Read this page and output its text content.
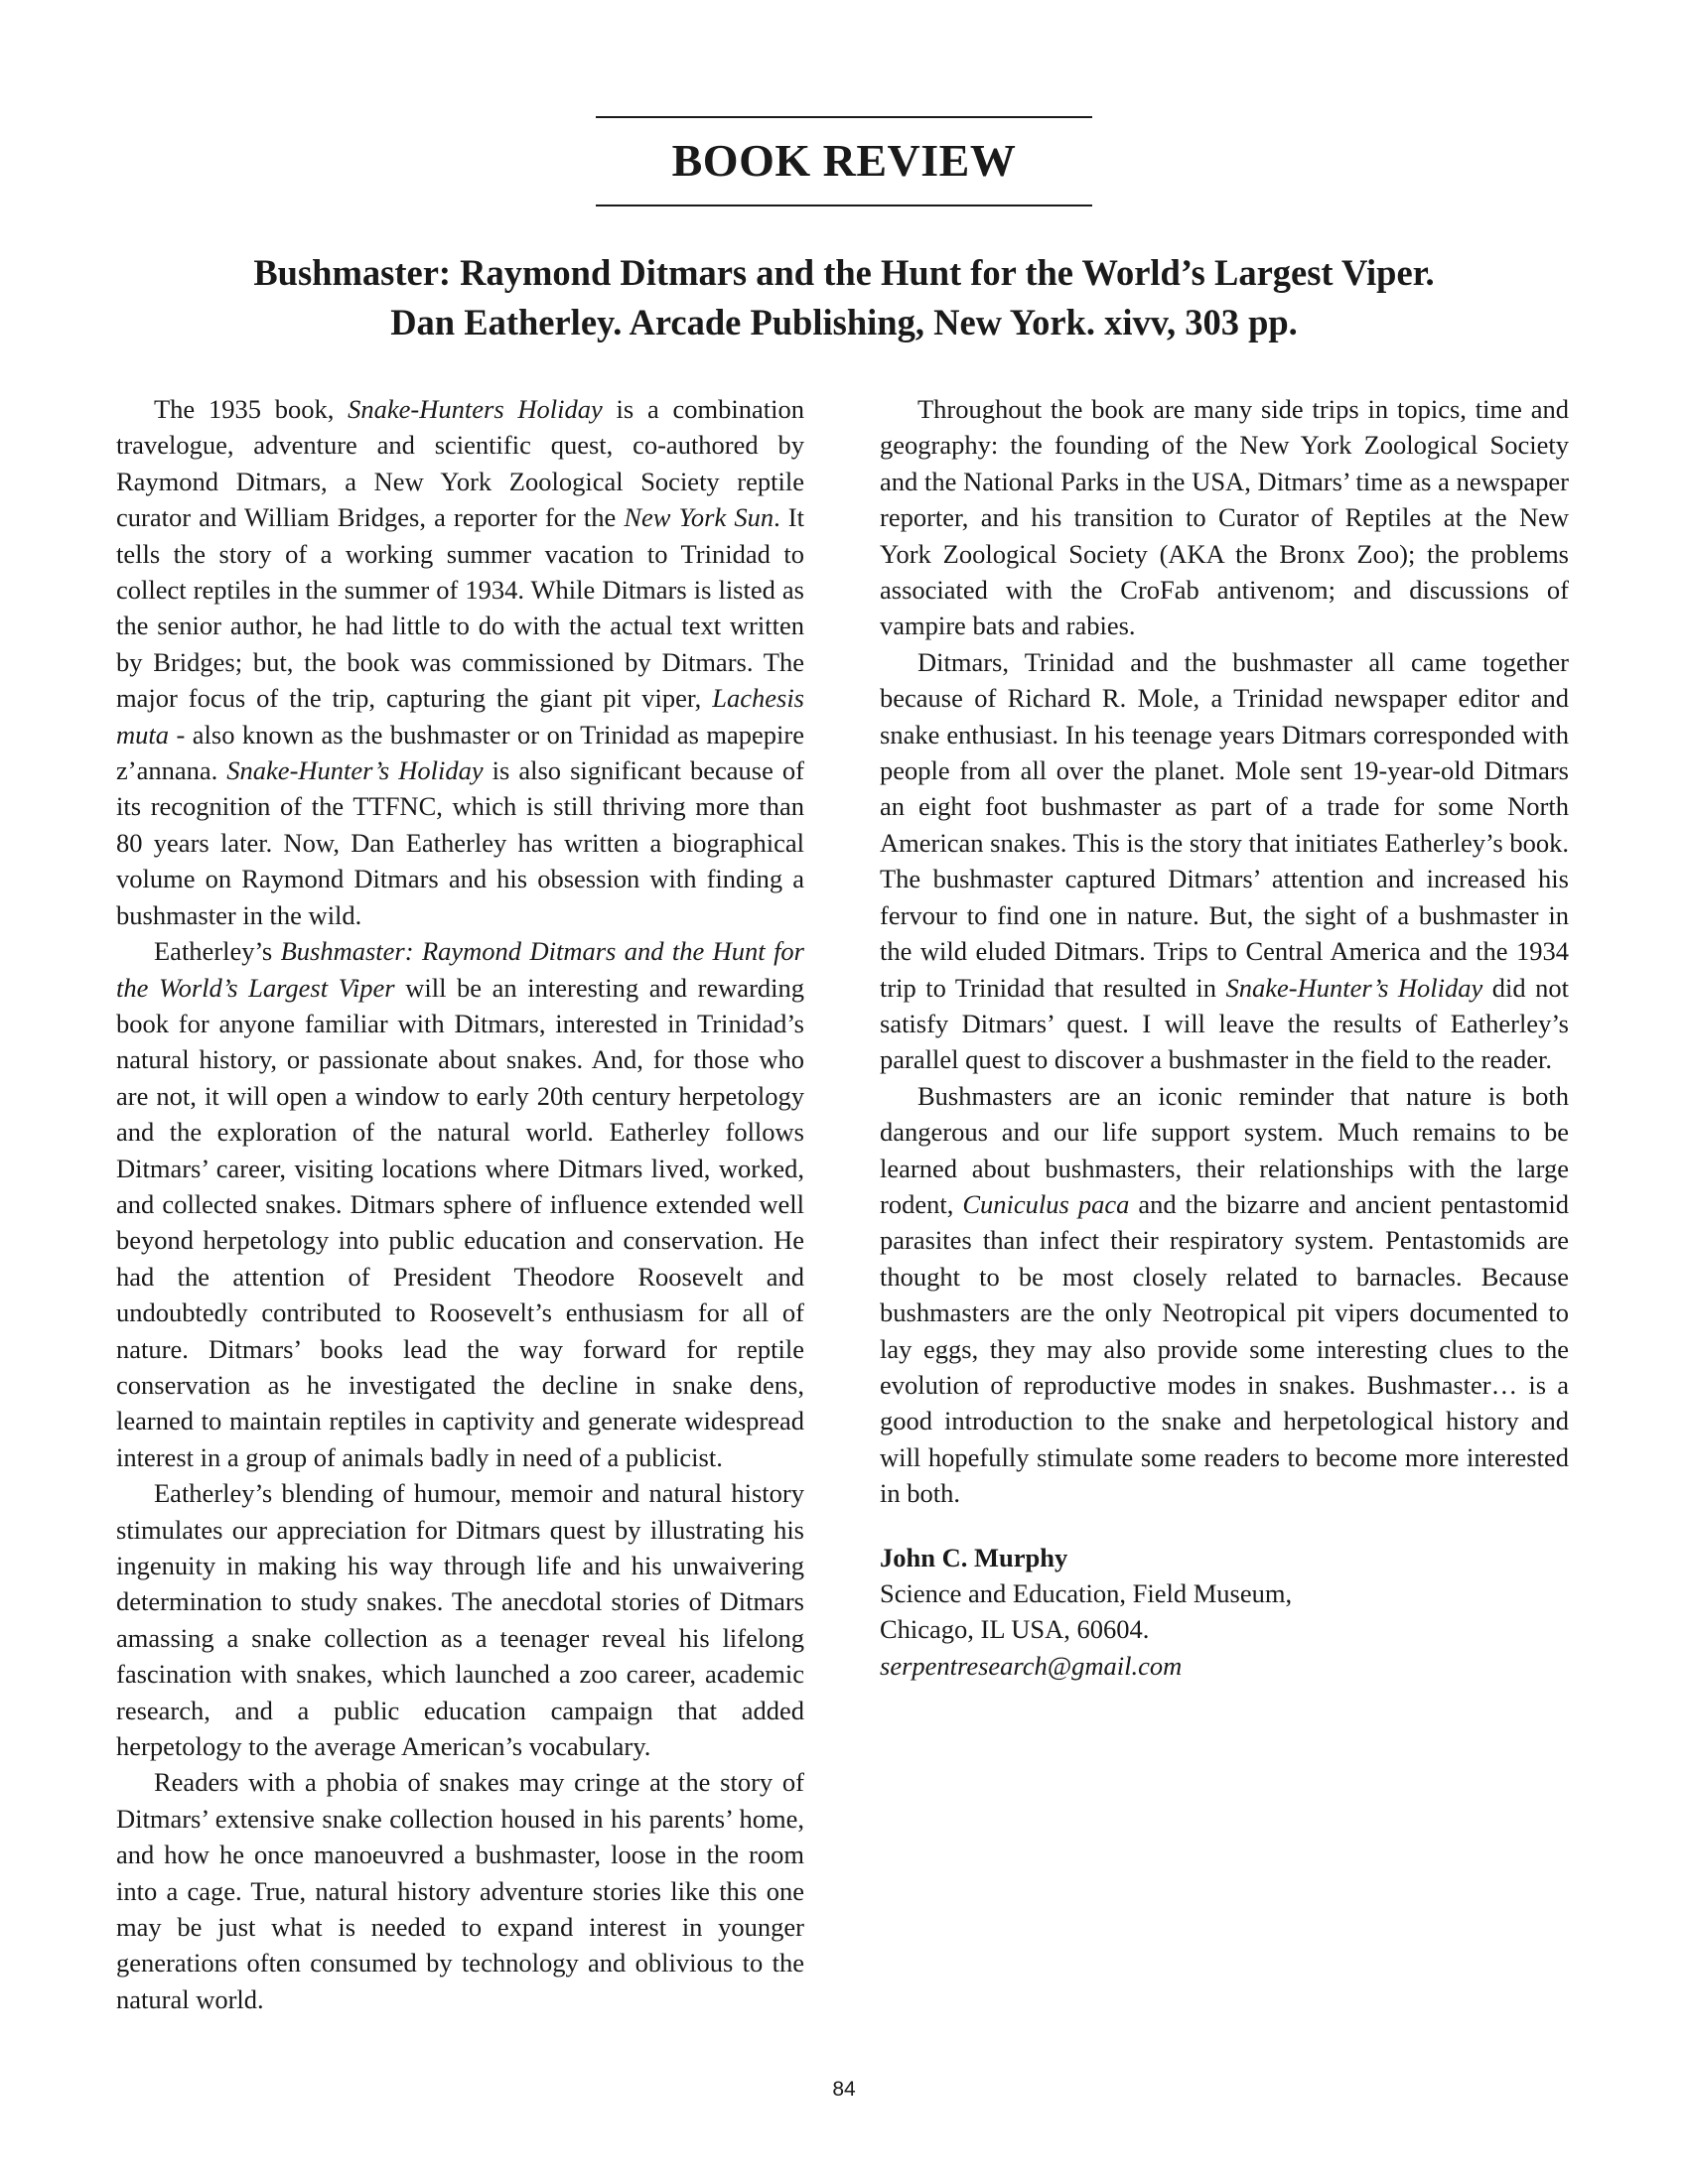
BOOK REVIEW
Bushmaster: Raymond Ditmars and the Hunt for the World’s Largest Viper.
Dan Eatherley. Arcade Publishing, New York. xivv, 303 pp.

The 1935 book, Snake-Hunters Holiday is a combination travelogue, adventure and scientific quest, co-authored by Raymond Ditmars, a New York Zoological Society reptile curator and William Bridges, a reporter for the New York Sun. It tells the story of a working summer vacation to Trinidad to collect reptiles in the summer of 1934. While Ditmars is listed as the senior author, he had little to do with the actual text written by Bridges; but, the book was commissioned by Ditmars. The major focus of the trip, capturing the giant pit viper, Lachesis muta - also known as the bushmaster or on Trinidad as mapepire z’annana. Snake-Hunter’s Holiday is also significant because of its recognition of the TTFNC, which is still thriving more than 80 years later. Now, Dan Eatherley has written a biographical volume on Raymond Ditmars and his obsession with finding a bushmaster in the wild.

Eatherley’s Bushmaster: Raymond Ditmars and the Hunt for the World’s Largest Viper will be an interesting and rewarding book for anyone familiar with Ditmars, interested in Trinidad’s natural history, or passionate about snakes. And, for those who are not, it will open a window to early 20th century herpetology and the exploration of the natural world. Eatherley follows Ditmars’ career, visiting locations where Ditmars lived, worked, and collected snakes. Ditmars sphere of influence extended well beyond herpetology into public education and conservation. He had the attention of President Theodore Roosevelt and undoubtedly contributed to Roosevelt’s enthusiasm for all of nature. Ditmars’ books lead the way forward for reptile conservation as he investigated the decline in snake dens, learned to maintain reptiles in captivity and generate widespread interest in a group of animals badly in need of a publicist.

Eatherley’s blending of humour, memoir and natural history stimulates our appreciation for Ditmars quest by illustrating his ingenuity in making his way through life and his unwaivering determination to study snakes. The anecdotal stories of Ditmars amassing a snake collection as a teenager reveal his lifelong fascination with snakes, which launched a zoo career, academic research, and a public education campaign that added herpetology to the average American’s vocabulary.

Readers with a phobia of snakes may cringe at the story of Ditmars’ extensive snake collection housed in his parents’ home, and how he once manoeuvred a bushmaster, loose in the room into a cage. True, natural history adventure stories like this one may be just what is needed to expand interest in younger generations often consumed by technology and oblivious to the natural world.

Throughout the book are many side trips in topics, time and geography: the founding of the New York Zoological Society and the National Parks in the USA, Ditmars’ time as a newspaper reporter, and his transition to Curator of Reptiles at the New York Zoological Society (AKA the Bronx Zoo); the problems associated with the CroFab antivenom; and discussions of vampire bats and rabies.

Ditmars, Trinidad and the bushmaster all came together because of Richard R. Mole, a Trinidad newspaper editor and snake enthusiast. In his teenage years Ditmars corresponded with people from all over the planet. Mole sent 19-year-old Ditmars an eight foot bushmaster as part of a trade for some North American snakes. This is the story that initiates Eatherley’s book. The bushmaster captured Ditmars’ attention and increased his fervour to find one in nature. But, the sight of a bushmaster in the wild eluded Ditmars. Trips to Central America and the 1934 trip to Trinidad that resulted in Snake-Hunter’s Holiday did not satisfy Ditmars’ quest. I will leave the results of Eatherley’s parallel quest to discover a bushmaster in the field to the reader.

Bushmasters are an iconic reminder that nature is both dangerous and our life support system. Much remains to be learned about bushmasters, their relationships with the large rodent, Cuniculus paca and the bizarre and ancient pentastomid parasites than infect their respiratory system. Pentastomids are thought to be most closely related to barnacles. Because bushmasters are the only Neotropical pit vipers documented to lay eggs, they may also provide some interesting clues to the evolution of reproductive modes in snakes. Bushmaster… is a good introduction to the snake and herpetological history and will hopefully stimulate some readers to become more interested in both.

John C. Murphy
Science and Education, Field Museum,
Chicago, IL USA, 60604.
serpentresearch@gmail.com
84
